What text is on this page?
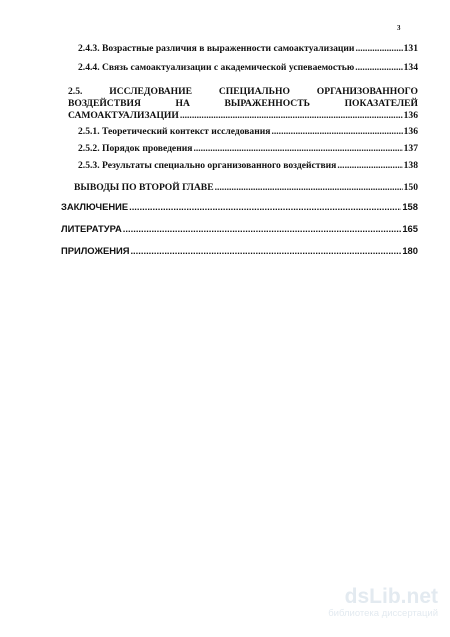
3
2.4.3. Возрастные различия в выраженности самоактуализации .....	131
2.4.4. Связь самоактуализации с академической успеваемостью .....	134
2.5.	ИССЛЕДОВАНИЕ	СПЕЦИАЛЬНО	ОРГАНИЗОВАННОГО
ВОЗДЕЙСТВИЯ	НА	ВЫРАЖЕННОСТЬ	ПОКАЗАТЕЛЕЙ
САМОАКТУАЛИЗАЦИИ .....	136
2.5.1. Теоретический контекст исследования .....	136
2.5.2. Порядок проведения .....	137
2.5.3. Результаты специально организованного воздействия .....	138
ВЫВОДЫ ПО ВТОРОЙ ГЛАВЕ .....	150
ЗАКЛЮЧЕНИЕ .....	158
ЛИТЕРАТУРА .....	165
ПРИЛОЖЕНИЯ .....	180
dsLib.net
библиотека диссертаций
